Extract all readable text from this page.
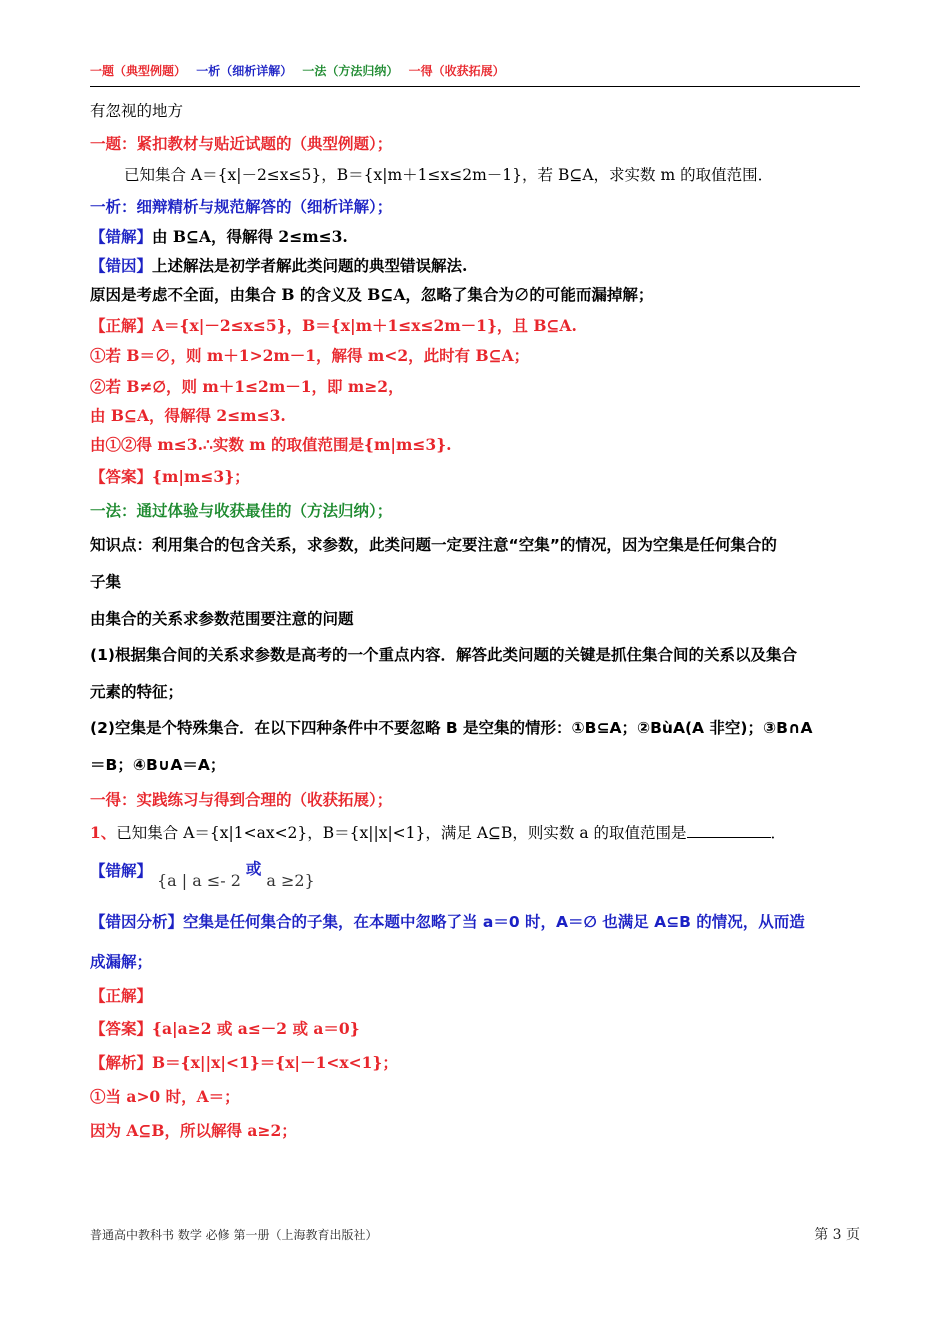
一题（典型例题） 一析（细析详解） 一法（方法归纳） 一得（收获拓展）
有忽视的地方
一题：紧扣教材与贴近试题的（典型例题）；
已知集合 A＝{x|－2≤x≤5}，B＝{x|m＋1≤x≤2m－1}，若 B⊆A，求实数 m 的取值范围．
一析：细辩精析与规范解答的（细析详解）；
【错解】由 B⊆A，得解得 2≤m≤3.
【错因】上述解法是初学者解此类问题的典型错误解法.
原因是考虑不全面，由集合 B 的含义及 B⊆A，忽略了集合为∅的可能而漏掉解；
【正解】A＝{x|－2≤x≤5}，B＝{x|m＋1≤x≤2m－1}，且 B⊆A.
①若 B＝∅，则 m＋1>2m－1，解得 m<2，此时有 B⊆A；
②若 B≠∅，则 m＋1≤2m－1，即 m≥2，
由 B⊆A，得解得 2≤m≤3.
由①②得 m≤3.∴实数 m 的取值范围是{m|m≤3}.
【答案】{m|m≤3}；
一法：通过体验与收获最佳的（方法归纳）；
知识点：利用集合的包含关系，求参数，此类问题一定要注意“空集”的情况，因为空集是任何集合的
子集
由集合的关系求参数范围要注意的问题
(1)根据集合间的关系求参数是高考的一个重点内容．解答此类问题的关键是抓住集合间的关系以及集合
元素的特征；
(2)空集是个特殊集合．在以下四种条件中不要忽略 B 是空集的情形：①B⊆A；②BùA(A 非空)；③B∩A
＝B；④B∪A＝A；
一得：实践练习与得到合理的（收获拓展）；
1、已知集合 A＝{x|1<ax<2}，B＝{x||x|<1}，满足 A⊆B，则实数 a 的取值范围是	．
【错解】 {a | a ≤- 2 或 a ≥2}
【错因分析】空集是任何集合的子集，在本题中忽略了当 a＝0 时，A＝∅ 也满足 A⊆B 的情况，从而造
成漏解；
【正解】
【答案】{a|a≥2 或 a≤－2 或 a＝0}
【解析】B＝{x||x|<1}＝{x|－1<x<1}；
①当 a>0 时，A＝；
因为 A⊆B，所以解得 a≥2；
普通高中教科书 数学 必修 第一册（上海教育出版社）	第 3 页
